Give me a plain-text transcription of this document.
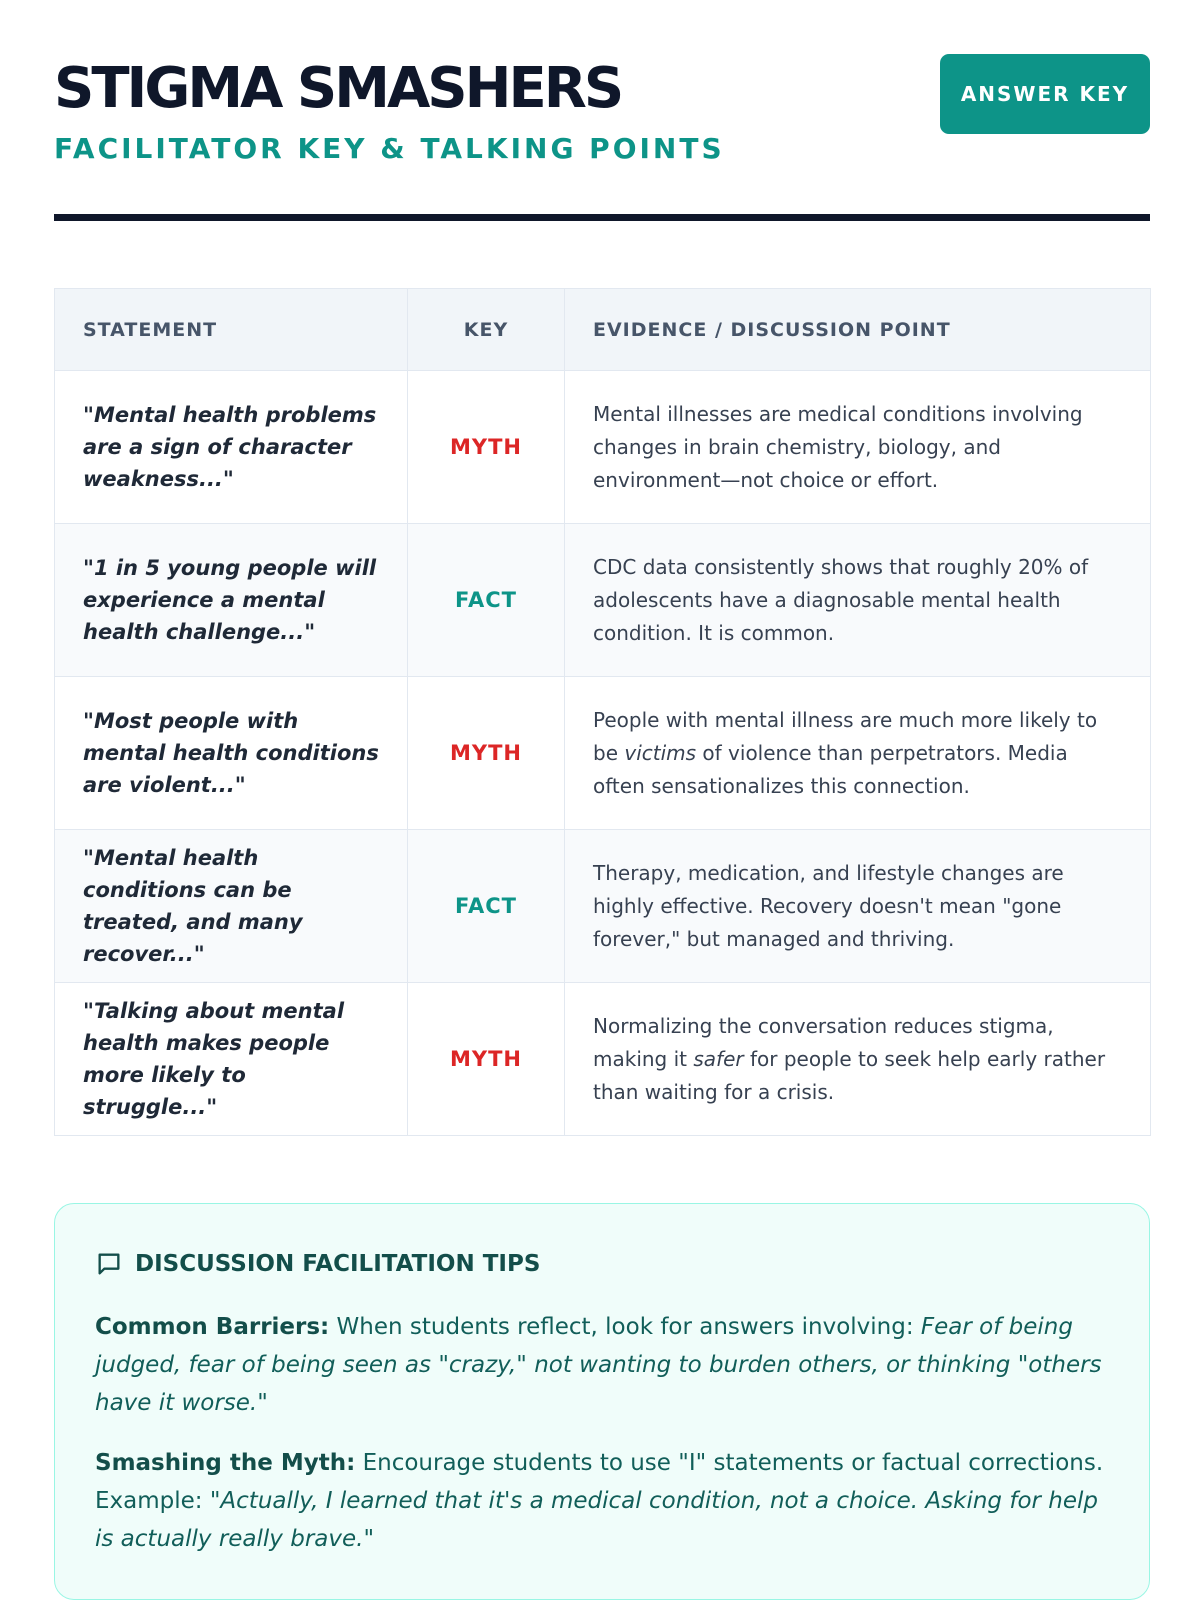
STIGMA SMASHERS
FACILITATOR KEY & TALKING POINTS
ANSWER KEY
STATEMENT	KEY	EVIDENCE / DISCUSSION POINT
"Mental health problems are a sign of character weakness..."	MYTH	Mental illnesses are medical conditions involving changes in brain chemistry, biology, and environment—not choice or effort.
"1 in 5 young people will experience a mental health challenge..."	FACT	CDC data consistently shows that roughly 20% of adolescents have a diagnosable mental health condition. It is common.
"Most people with mental health conditions are violent..."	MYTH	People with mental illness are much more likely to be victims of violence than perpetrators. Media often sensationalizes this connection.
"Mental health conditions can be treated, and many recover..."	FACT	Therapy, medication, and lifestyle changes are highly effective. Recovery doesn't mean "gone forever," but managed and thriving.
"Talking about mental health makes people more likely to struggle..."	MYTH	Normalizing the conversation reduces stigma, making it safer for people to seek help early rather than waiting for a crisis.
DISCUSSION FACILITATION TIPS

Common Barriers: When students reflect, look for answers involving: Fear of being judged, fear of being seen as "crazy," not wanting to burden others, or thinking "others have it worse."

Smashing the Myth: Encourage students to use "I" statements or factual corrections. Example: "Actually, I learned that it's a medical condition, not a choice. Asking for help is actually really brave."
